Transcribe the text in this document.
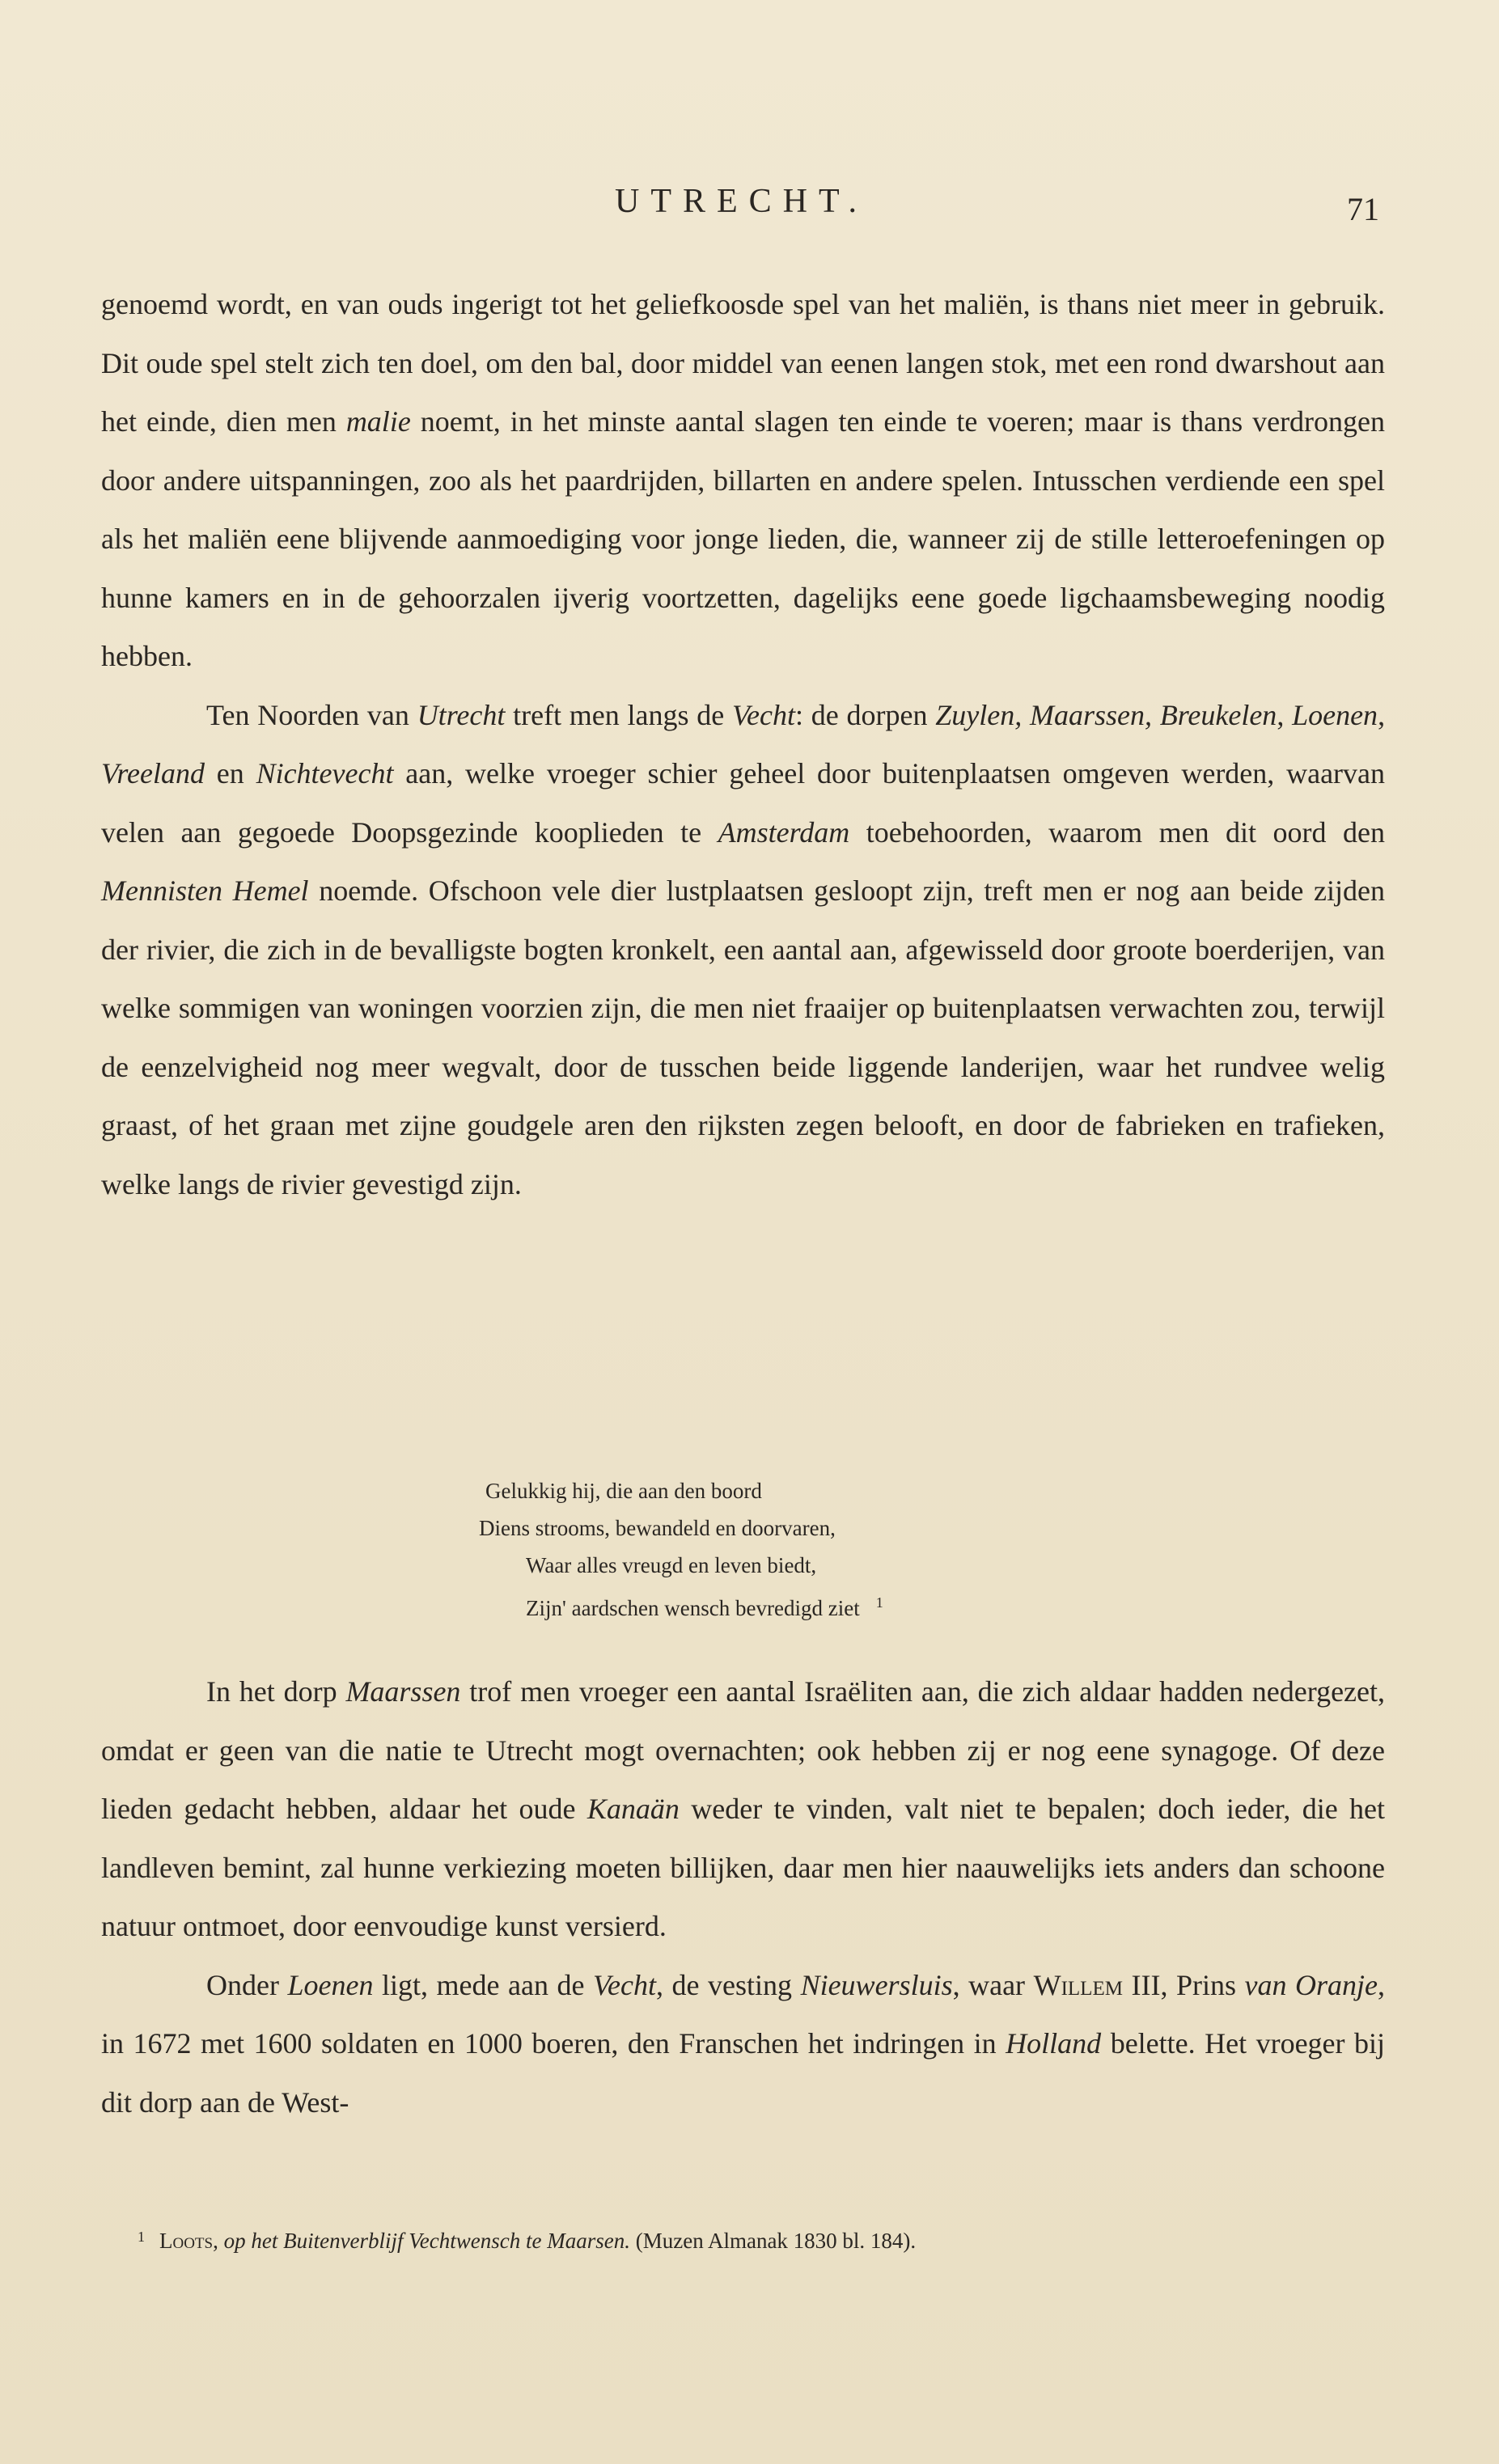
UTRECHT.	71

genoemd wordt, en van ouds ingerigt tot het geliefkoosde spel van het maliën, is thans niet meer in gebruik. Dit oude spel stelt zich ten doel, om den bal, door middel van eenen langen stok, met een rond dwarshout aan het einde, dien men malie noemt, in het minste aantal slagen ten einde te voeren; maar is thans verdrongen door andere uitspanningen, zoo als het paardrijden, billarten en andere spelen. Intusschen verdiende een spel als het maliën eene blijvende aanmoediging voor jonge lieden, die, wanneer zij de stille letteroefeningen op hunne kamers en in de gehoorzalen ijverig voortzetten, dagelijks eene goede ligchaamsbeweging noodig hebben.

Ten Noorden van Utrecht treft men langs de Vecht: de dorpen Zuylen, Maarssen, Breukelen, Loenen, Vreeland en Nichtevecht aan, welke vroeger schier geheel door buitenplaatsen omgeven werden, waarvan velen aan gegoede Doopsgezinde kooplieden te Amsterdam toebehoorden, waarom men dit oord den Mennisten Hemel noemde. Ofschoon vele dier lustplaatsen gesloopt zijn, treft men er nog aan beide zijden der rivier, die zich in de bevalligste bogten kronkelt, een aantal aan, afgewisseld door groote boerderijen, van welke sommigen van woningen voorzien zijn, die men niet fraaijer op buitenplaatsen verwachten zou, terwijl de eenzelvigheid nog meer wegvalt, door de tusschen beide liggende landerijen, waar het rundvee welig graast, of het graan met zijne goudgele aren den rijksten zegen belooft, en door de fabrieken en trafieken, welke langs de rivier gevestigd zijn.

Gelukkig hij, die aan den boord
Diens strooms, bewandeld en doorvaren,
Waar alles vreugd en leven biedt,
Zijn' aardschen wensch bevredigd ziet $^1$

In het dorp Maarssen trof men vroeger een aantal Israëliten aan, die zich aldaar hadden nedergezet, omdat er geen van die natie te Utrecht mogt overnachten; ook hebben zij er nog eene synagoge. Of deze lieden gedacht hebben, aldaar het oude Kanaän weder te vinden, valt niet te bepalen; doch ieder, die het landleven bemint, zal hunne verkiezing moeten billijken, daar men hier naauwelijks iets anders dan schoone natuur ontmoet, door eenvoudige kunst versierd.

Onder Loenen ligt, mede aan de Vecht, de vesting Nieuwersluis, waar Willem III, Prins van Oranje, in 1672 met 1600 soldaten en 1000 boeren, den Franschen het indringen in Holland belette. Het vroeger bij dit dorp aan de West-

$^1$ Loots, op het Buitenverblijf Vechtwensch te Maarsen. (Muzen Almanak 1830 bl. 184).
